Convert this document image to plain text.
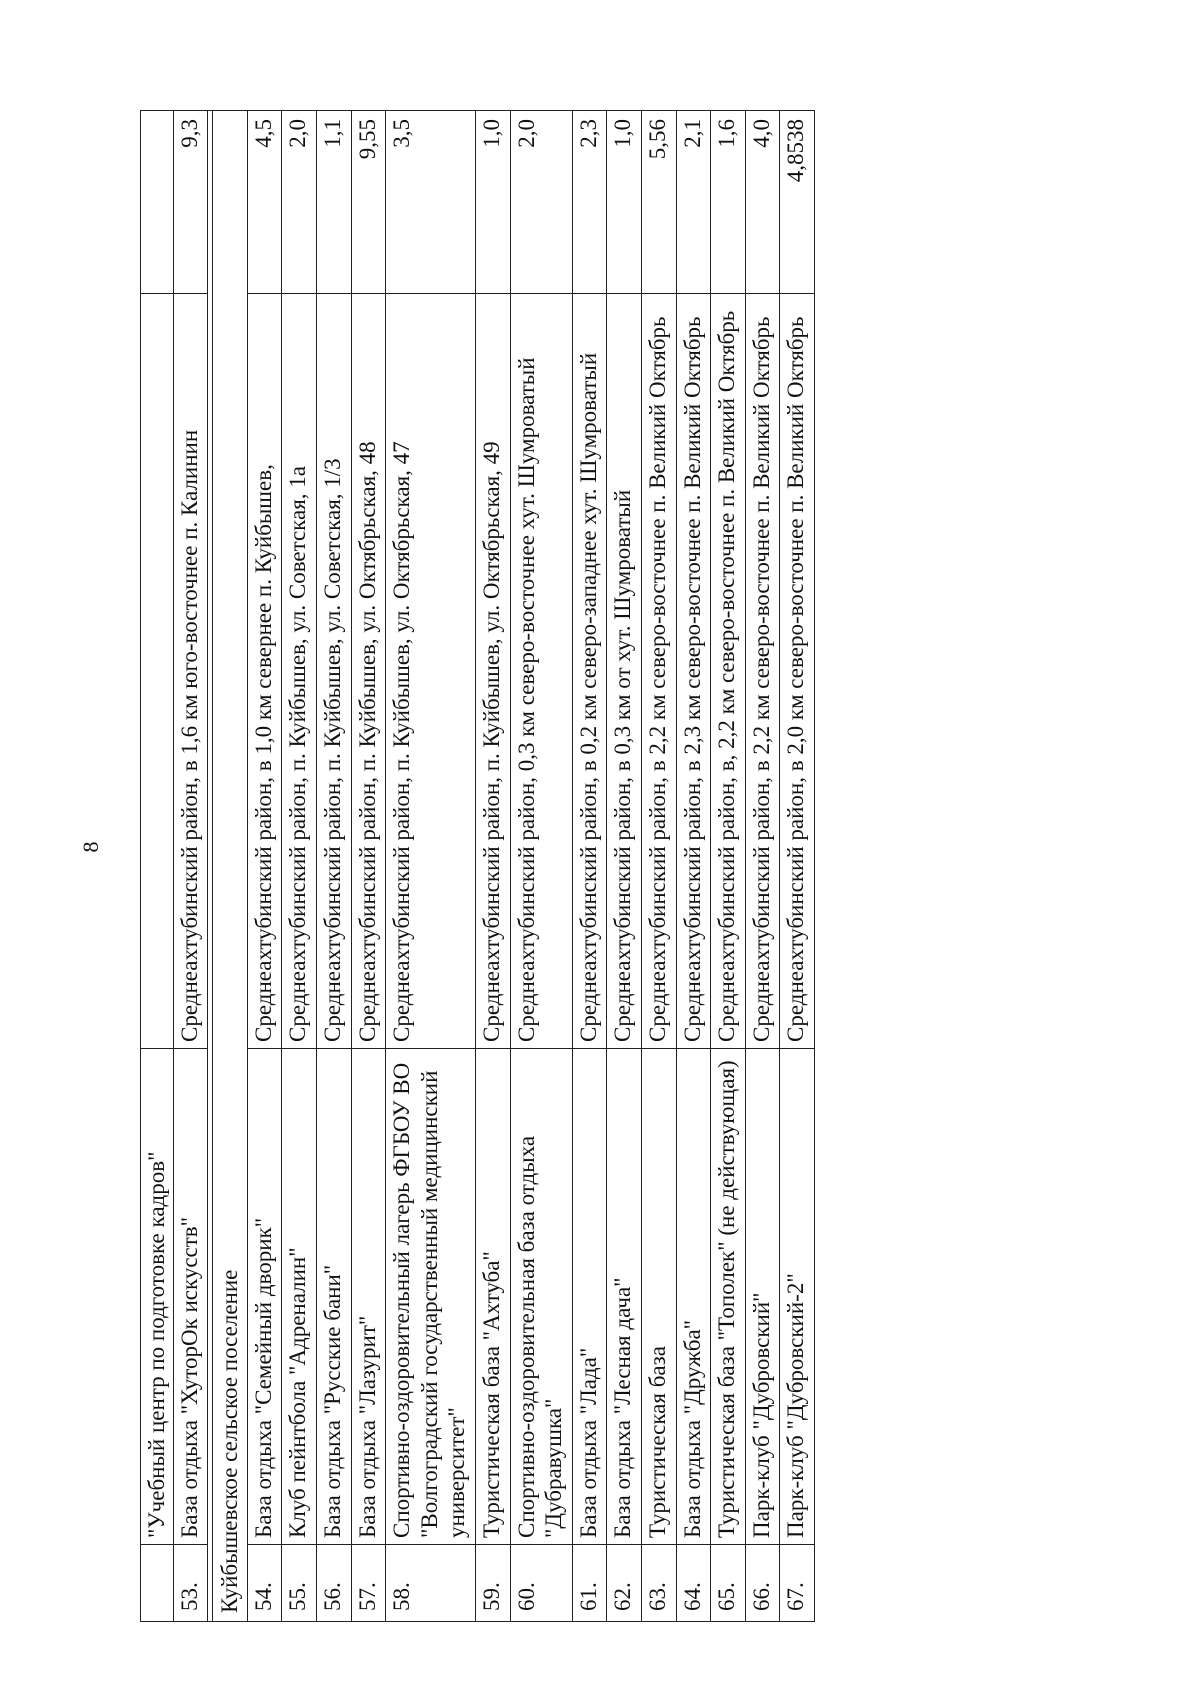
8
	"Учебный центр по подготовке кадров"		
53.	База отдыха "ХуторОк искусств"	Среднеахтубинский район, в 1,6 км юго-восточнее п. Калинин	9,3

Куйбышевское сельское поселение			
54.	База отдыха "Семейный дворик"	Среднеахтубинский район, в 1,0 км севернее п. Куйбышев,	4,5
55.	Клуб пейнтбола "Адреналин"	Среднеахтубинский район, п. Куйбышев, ул. Советская, 1а	2,0
56.	База отдыха "Русские бани"	Среднеахтубинский район, п. Куйбышев, ул. Советская, 1/3	1,1
57.	База отдыха "Лазурит"	Среднеахтубинский район, п. Куйбышев, ул. Октябрьская, 48	9,55
58.	Спортивно-оздоровительный лагерь ФГБОУ ВО "Волгоградский государственный медицинский университет"	Среднеахтубинский район, п. Куйбышев, ул. Октябрьская, 47	3,5
59.	Туристическая база "Ахтуба"	Среднеахтубинский район, п. Куйбышев, ул. Октябрьская, 49	1,0
60.	Спортивно-оздоровительная база отдыха "Дубравушка"	Среднеахтубинский район, 0,3 км северо-восточнее хут. Шумроватый	2,0
61.	База отдыха "Лада"	Среднеахтубинский район, в 0,2 км северо-западнее хут. Шумроватый	2,3
62.	База отдыха "Лесная дача"	Среднеахтубинский район, в 0,3 км от хут. Шумроватый	1,0
63.	Туристическая база	Среднеахтубинский район, в 2,2 км северо-восточнее п. Великий Октябрь	5,56
64.	База отдыха "Дружба"	Среднеахтубинский район, в 2,3 км северо-восточнее п. Великий Октябрь	2,1
65.	Туристическая база "Тополек" (не действующая)	Среднеахтубинский район, в, 2,2 км северо-восточнее п. Великий Октябрь	1,6
66.	Парк-клуб "Дубровский"	Среднеахтубинский район, в 2,2 км северо-восточнее п. Великий Октябрь	4,0
67.	Парк-клуб "Дубровский-2"	Среднеахтубинский район, в 2,0 км северо-восточнее п. Великий Октябрь	4,8538
